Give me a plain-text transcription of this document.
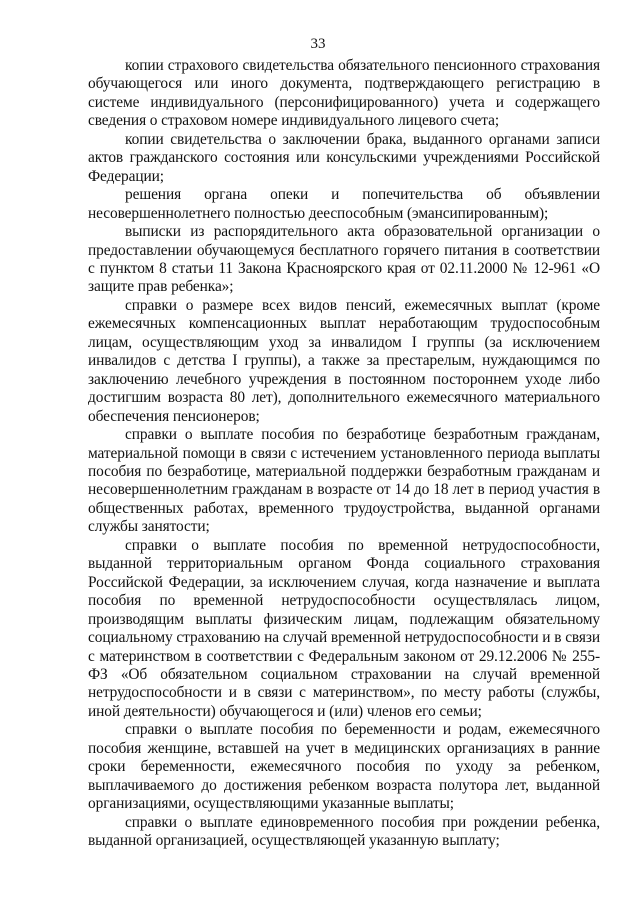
33

копии страхового свидетельства обязательного пенсионного страхования обучающегося или иного документа, подтверждающего регистрацию в системе индивидуального (персонифицированного) учета и содержащего сведения о страховом номере индивидуального лицевого счета;

копии свидетельства о заключении брака, выданного органами записи актов гражданского состояния или консульскими учреждениями Российской Федерации;

решения органа опеки и попечительства об объявлении несовершеннолетнего полностью дееспособным (эмансипированным);

выписки из распорядительного акта образовательной организации о предоставлении обучающемуся бесплатного горячего питания в соответствии с пунктом 8 статьи 11 Закона Красноярского края от 02.11.2000 № 12-961 «О защите прав ребенка»;

справки о размере всех видов пенсий, ежемесячных выплат (кроме ежемесячных компенсационных выплат неработающим трудоспособным лицам, осуществляющим уход за инвалидом I группы (за исключением инвалидов с детства I группы), а также за престарелым, нуждающимся по заключению лечебного учреждения в постоянном постороннем уходе либо достигшим возраста 80 лет), дополнительного ежемесячного материального обеспечения пенсионеров;

справки о выплате пособия по безработице безработным гражданам, материальной помощи в связи с истечением установленного периода выплаты пособия по безработице, материальной поддержки безработным гражданам и несовершеннолетним гражданам в возрасте от 14 до 18 лет в период участия в общественных работах, временного трудоустройства, выданной органами службы занятости;

справки о выплате пособия по временной нетрудоспособности, выданной территориальным органом Фонда социального страхования Российской Федерации, за исключением случая, когда назначение и выплата пособия по временной нетрудоспособности осуществлялась лицом, производящим выплаты физическим лицам, подлежащим обязательному социальному страхованию на случай временной нетрудоспособности и в связи с материнством в соответствии с Федеральным законом от 29.12.2006 № 255-ФЗ «Об обязательном социальном страховании на случай временной нетрудоспособности и в связи с материнством», по месту работы (службы, иной деятельности) обучающегося и (или) членов его семьи;

справки о выплате пособия по беременности и родам, ежемесячного пособия женщине, вставшей на учет в медицинских организациях в ранние сроки беременности, ежемесячного пособия по уходу за ребенком, выплачиваемого до достижения ребенком возраста полутора лет, выданной организациями, осуществляющими указанные выплаты;

справки о выплате единовременного пособия при рождении ребенка, выданной организацией, осуществляющей указанную выплату;
